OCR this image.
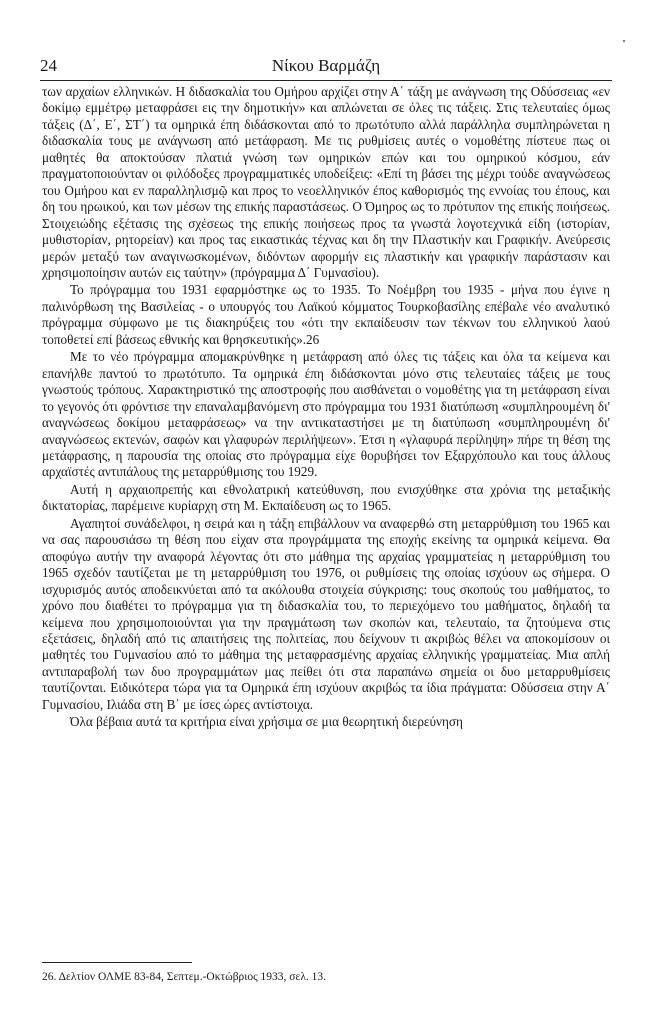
24	Νίκου Βαρμάζη

των αρχαίων ελληνικών. Η διδασκαλία του Ομήρου αρχίζει στην Α΄ τάξη με ανάγνωση της Οδύσσειας «εν δοκίμῳ εμμέτρῳ μεταφράσει εις την δημοτικήν» και απλώνεται σε όλες τις τάξεις. Στις τελευταίες όμως τάξεις (Δ΄, Ε΄, ΣΤ΄) τα ομηρικά έπη διδάσκονται από το πρωτότυπο αλλά παράλληλα συμπληρώνεται η διδασκαλία τους με ανάγνωση από μετάφραση. Με τις ρυθμίσεις αυτές ο νομοθέτης πίστευε πως οι μαθητές θα αποκτούσαν πλατιά γνώση των ομηρικών επών και του ομηρικού κόσμου, εάν πραγματοποιούνταν οι φιλόδοξες προγραμματικές υποδείξεις: «Επί τη βάσει της μέχρι τούδε αναγνώσεως του Ομήρου και εν παραλληλισμῷ και προς το νεοελληνικόν έπος καθορισμός της εννοίας του έπους, και δη του ηρωικού, και των μέσων της επικής παραστάσεως. Ο Όμηρος ως το πρότυπον της επικής ποιήσεως. Στοιχειώδης εξέτασις της σχέσεως της επικής ποιήσεως προς τα γνωστά λογοτεχνικά είδη (ιστορίαν, μυθιστορίαν, ρητορείαν) και προς τας εικαστικάς τέχνας και δη την Πλαστικήν και Γραφικήν. Ανεύρεσις μερών μεταξύ των αναγινωσκομένων, διδόντων αφορμήν εις πλαστικήν και γραφικήν παράστασιν και χρησιμοποίησιν αυτών εις ταύτην» (πρόγραμμα Δ΄ Γυμνασίου).

Το πρόγραμμα του 1931 εφαρμόστηκε ως το 1935. Το Νοέμβρη του 1935 - μήνα που έγινε η παλινόρθωση της Βασιλείας - ο υπουργός του Λαϊκού κόμματος Τουρκοβασίλης επέβαλε νέο αναλυτικό πρόγραμμα σύμφωνο με τις διακηρύξεις του «ότι την εκπαίδευσιν των τέκνων του ελληνικού λαού τοποθετεί επί βάσεως εθνικής και θρησκευτικής».26

Με το νέο πρόγραμμα απομακρύνθηκε η μετάφραση από όλες τις τάξεις και όλα τα κείμενα και επανήλθε παντού το πρωτότυπο. Τα ομηρικά έπη διδάσκονται μόνο στις τελευταίες τάξεις με τους γνωστούς τρόπους. Χαρακτηριστικό της αποστροφής που αισθάνεται ο νομοθέτης για τη μετάφραση είναι το γεγονός ότι φρόντισε την επαναλαμβανόμενη στο πρόγραμμα του 1931 διατύπωση «συμπληρουμένη δι' αναγνώσεως δοκίμου μεταφράσεως» να την αντικαταστήσει με τη διατύπωση «συμπληρουμένη δι' αναγνώσεως εκτενών, σαφών και γλαφυρών περιλήψεων». Έτσι η «γλαφυρά περίληψη» πήρε τη θέση της μετάφρασης, η παρουσία της οποίας στο πρόγραμμα είχε θορυβήσει τον Εξαρχόπουλο και τους άλλους αρχαϊστές αντιπάλους της μεταρρύθμισης του 1929.

Αυτή η αρχαιοπρεπής και εθνολατρική κατεύθυνση, που ενισχύθηκε στα χρόνια της μεταξικής δικτατορίας, παρέμεινε κυρίαρχη στη Μ. Εκπαίδευση ως το 1965.

Αγαπητοί συνάδελφοι, η σειρά και η τάξη επιβάλλουν να αναφερθώ στη μεταρρύθμιση του 1965 και να σας παρουσιάσω τη θέση που είχαν στα προγράμματα της εποχής εκείνης τα ομηρικά κείμενα. Θα αποφύγω αυτήν την αναφορά λέγοντας ότι στο μάθημα της αρχαίας γραμματείας η μεταρρύθμιση του 1965 σχεδόν ταυτίζεται με τη μεταρρύθμιση του 1976, οι ρυθμίσεις της οποίας ισχύουν ως σήμερα. Ο ισχυρισμός αυτός αποδεικνύεται από τα ακόλουθα στοιχεία σύγκρισης: τους σκοπούς του μαθήματος, το χρόνο που διαθέτει το πρόγραμμα για τη διδασκαλία του, το περιεχόμενο του μαθήματος, δηλαδή τα κείμενα που χρησιμοποιούνται για την πραγμάτωση των σκοπών και, τελευταίο, τα ζητούμενα στις εξετάσεις, δηλαδή από τις απαιτήσεις της πολιτείας, που δείχνουν τι ακριβώς θέλει να αποκομίσουν οι μαθητές του Γυμνασίου από το μάθημα της μεταφρασμένης αρχαίας ελληνικής γραμματείας. Μια απλή αντιπαραβολή των δυο προγραμμάτων μας πείθει ότι στα παραπάνω σημεία οι δυο μεταρρυθμίσεις ταυτίζονται. Ειδικότερα τώρα για τα Ομηρικά έπη ισχύουν ακριβώς τα ίδια πράγματα: Οδύσσεια στην Α΄ Γυμνασίου, Ιλιάδα στη Β΄ με ίσες ώρες αντίστοιχα.

Όλα βέβαια αυτά τα κριτήρια είναι χρήσιμα σε μια θεωρητική διερεύνηση

26. Δελτίον ΟΛΜΕ 83-84, Σεπτεμ.-Οκτώβριος 1933, σελ. 13.
